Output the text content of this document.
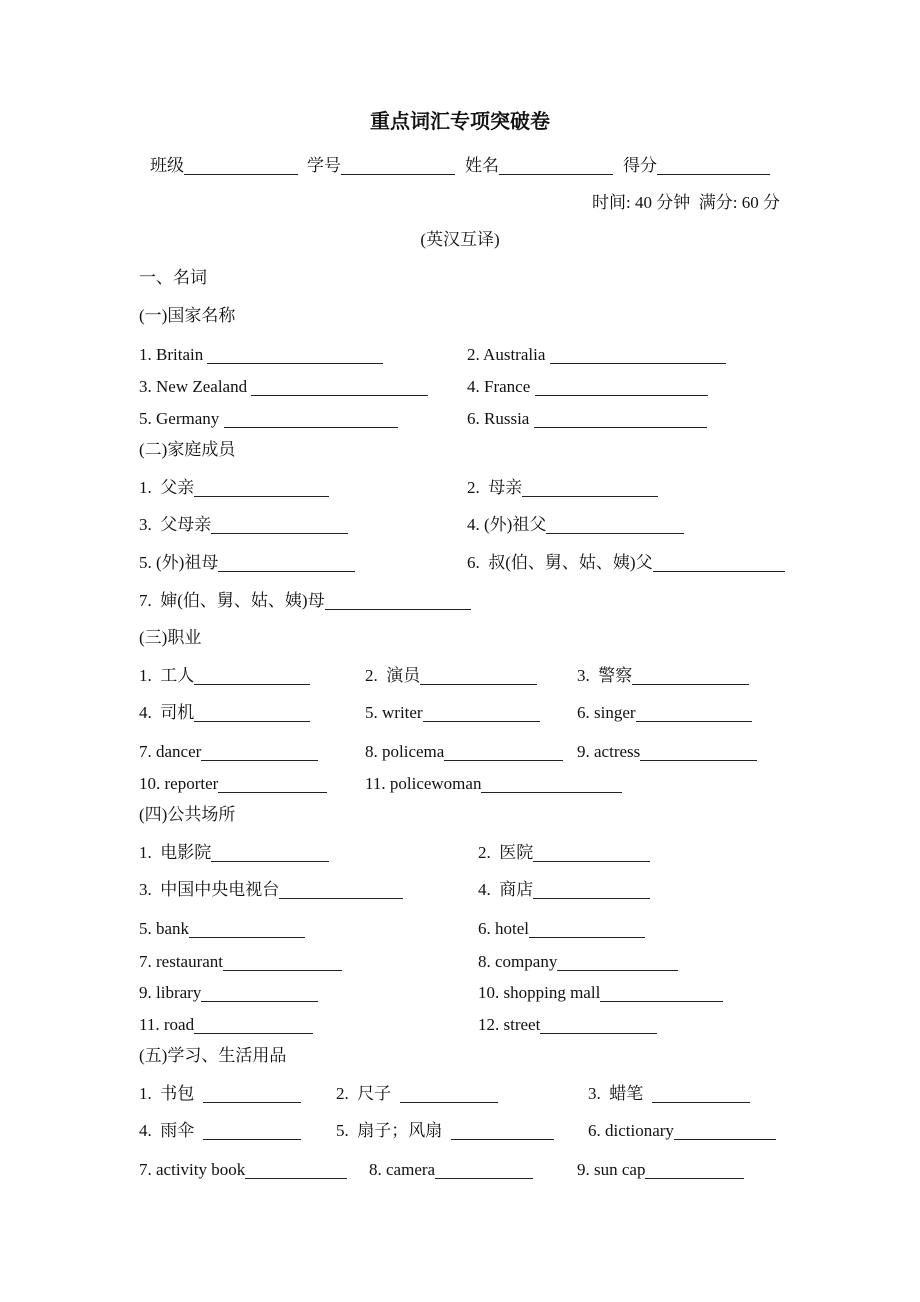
重点词汇专项突破卷
时间: 40 分钟  满分: 60 分
(英汉互译)
一、名词
班级	学号	姓名	得分
(一)国家名称
1. Britain	2. Australia
3. New Zealand	4. France
5. Germany	6. Russia
(二)家庭成员
1.  父亲	2.  母亲
3.  父母亲	4. (外)祖父
5. (外)祖母	6.  叔(伯、舅、姑、姨)父
7.  婶(伯、舅、姑、姨)母
(三)职业
1.  工人	2.  演员	3.  警察
4.  司机	5. writer	6. singer
7. dancer	8. policema	9. actress
10. reporter	11. policewoman
(四)公共场所
1.  电影院	2.  医院
3.  中国中央电视台	4.  商店
5. bank	6. hotel
7. restaurant	8. company
9. library	10. shopping mall
11. road	12. street
(五)学习、生活用品
1.  书包	2.  尺子	3.  蜡笔
4.  雨伞	5.  扇子；风扇	6. dictionary
7. activity book	8. camera	9. sun cap
